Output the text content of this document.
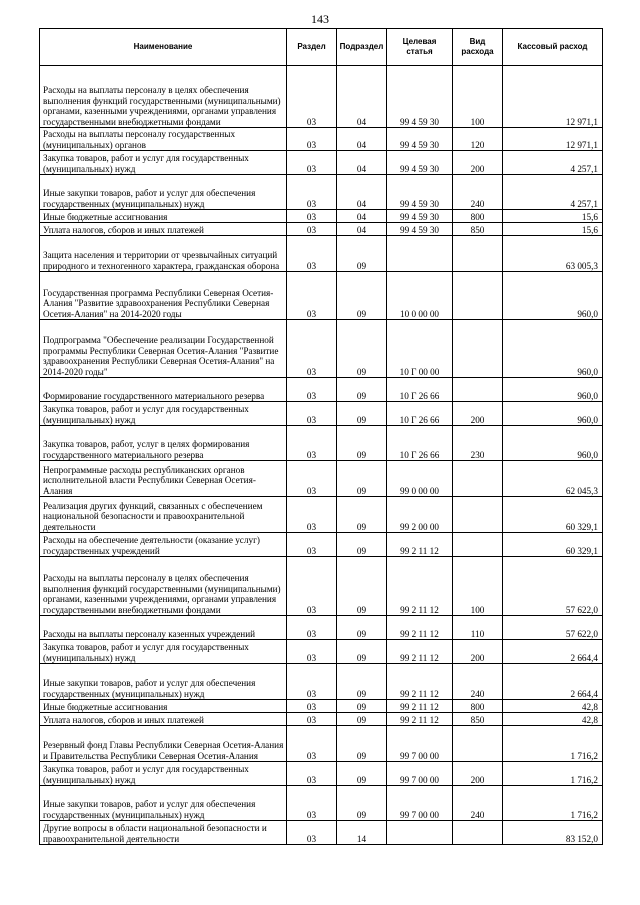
143
Наименование	Раздел	Подраздел	Целевая статья	Вид расхода	Кассовый расход
Расходы на выплаты персоналу в целях обеспечения выполнения функций государственными (муниципальными) органами, казенными учреждениями, органами управления государственными внебюджетными фондами	03	04	99 4 59 30	100	12 971,1
Расходы на выплаты персоналу государственных (муниципальных) органов	03	04	99 4 59 30	120	12 971,1
Закупка товаров, работ и услуг для государственных (муниципальных) нужд	03	04	99 4 59 30	200	4 257,1
Иные закупки товаров, работ и услуг для обеспечения государственных (муниципальных) нужд	03	04	99 4 59 30	240	4 257,1
Иные бюджетные ассигнования	03	04	99 4 59 30	800	15,6
Уплата налогов, сборов и иных платежей	03	04	99 4 59 30	850	15,6
Защита населения и территории от чрезвычайных ситуаций природного и техногенного характера, гражданская оборона	03	09			63 005,3
Государственная программа Республики Северная Осетия-Алания "Развитие здравоохранения Республики Северная Осетия-Алания" на 2014-2020 годы	03	09	10 0 00 00		960,0
Подпрограмма "Обеспечение реализации Государственной программы Республики Северная Осетия-Алания "Развитие здравоохранения Республики Северная Осетия-Алания" на 2014-2020 годы"	03	09	10 Г 00 00		960,0
Формирование государственного материального резерва	03	09	10 Г 26 66		960,0
Закупка товаров, работ и услуг для государственных (муниципальных) нужд	03	09	10 Г 26 66	200	960,0
Закупка товаров, работ, услуг в целях формирования государственного материального резерва	03	09	10 Г 26 66	230	960,0
Непрограммные расходы республиканских органов исполнительной власти Республики Северная Осетия-Алания	03	09	99 0 00 00		62 045,3
Реализация других функций, связанных с обеспечением национальной безопасности и правоохранительной деятельности	03	09	99 2 00 00		60 329,1
Расходы на обеспечение деятельности (оказание услуг) государственных учреждений	03	09	99 2 11 12		60 329,1
Расходы на выплаты персоналу в целях обеспечения выполнения функций государственными (муниципальными) органами, казенными учреждениями, органами управления государственными внебюджетными фондами	03	09	99 2 11 12	100	57 622,0
Расходы на выплаты персоналу казенных учреждений	03	09	99 2 11 12	110	57 622,0
Закупка товаров, работ и услуг для государственных (муниципальных) нужд	03	09	99 2 11 12	200	2 664,4
Иные закупки товаров, работ и услуг для обеспечения государственных (муниципальных) нужд	03	09	99 2 11 12	240	2 664,4
Иные бюджетные ассигнования	03	09	99 2 11 12	800	42,8
Уплата налогов, сборов и иных платежей	03	09	99 2 11 12	850	42,8
Резервный фонд Главы Республики Северная Осетия-Алания и Правительства Республики Северная Осетия-Алания	03	09	99 7 00 00		1 716,2
Закупка товаров, работ и услуг для государственных (муниципальных) нужд	03	09	99 7 00 00	200	1 716,2
Иные закупки товаров, работ и услуг для обеспечения государственных (муниципальных) нужд	03	09	99 7 00 00	240	1 716,2
Другие вопросы в области национальной безопасности и правоохранительной деятельности	03	14			83 152,0
